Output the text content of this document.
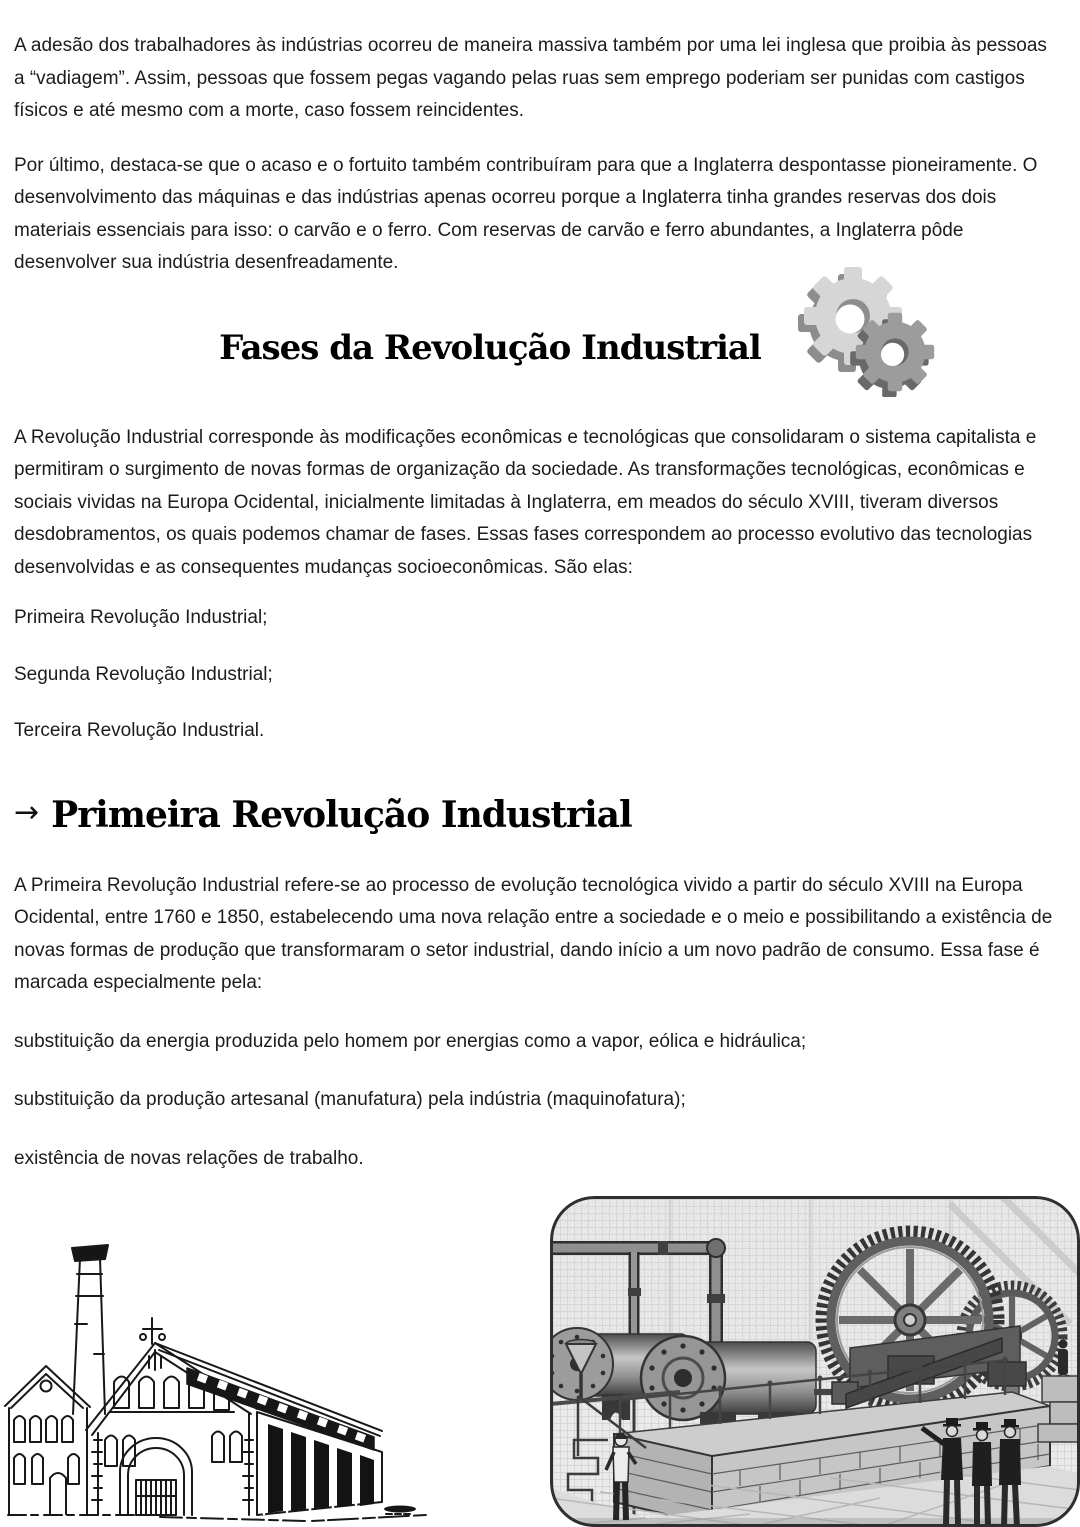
A adesão dos trabalhadores às indústrias ocorreu de maneira massiva também por uma lei inglesa que proibia às pessoas a “vadiagem”. Assim, pessoas que fossem pegas vagando pelas ruas sem emprego poderiam ser punidas com castigos físicos e até mesmo com a morte, caso fossem reincidentes.

Por último, destaca-se que o acaso e o fortuito também contribuíram para que a Inglaterra despontasse pioneiramente. O desenvolvimento das máquinas e das indústrias apenas ocorreu porque a Inglaterra tinha grandes reservas dos dois materiais essenciais para isso: o carvão e o ferro. Com reservas de carvão e ferro abundantes, a Inglaterra pôde desenvolver sua indústria desenfreadamente.

Fases da Revolução Industrial

A Revolução Industrial corresponde às modificações econômicas e tecnológicas que consolidaram o sistema capitalista e permitiram o surgimento de novas formas de organização da sociedade. As transformações tecnológicas, econômicas e sociais vividas na Europa Ocidental, inicialmente limitadas à Inglaterra, em meados do século XVIII, tiveram diversos desdobramentos, os quais podemos chamar de fases. Essas fases correspondem ao processo evolutivo das tecnologias desenvolvidas e as consequentes mudanças socioeconômicas. São elas:

Primeira Revolução Industrial;

Segunda Revolução Industrial;

Terceira Revolução Industrial.

→ Primeira Revolução Industrial

A Primeira Revolução Industrial refere-se ao processo de evolução tecnológica vivido a partir do século XVIII na Europa Ocidental, entre 1760 e 1850, estabelecendo uma nova relação entre a sociedade e o meio e possibilitando a existência de novas formas de produção que transformaram o setor industrial, dando início a um novo padrão de consumo. Essa fase é marcada especialmente pela:

substituição da energia produzida pelo homem por energias como a vapor, eólica e hidráulica;

substituição da produção artesanal (manufatura) pela indústria (maquinofatura);

existência de novas relações de trabalho.
